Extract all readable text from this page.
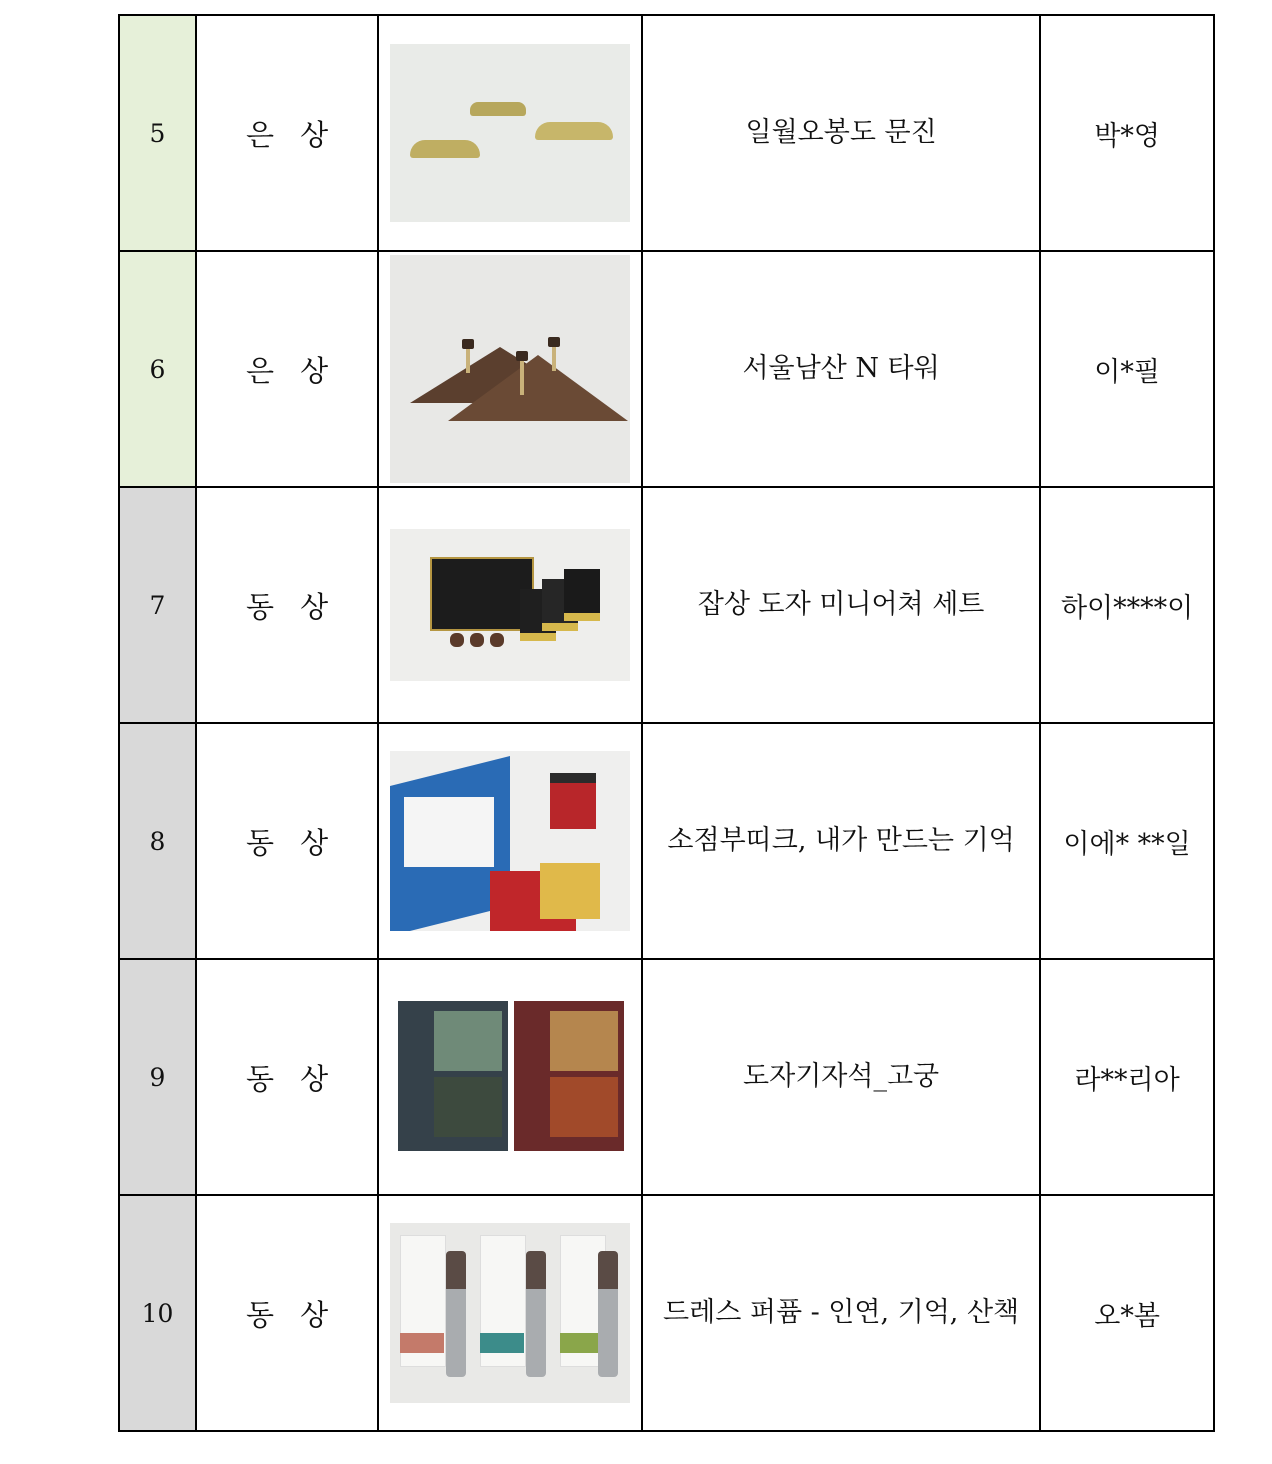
5	은상		일월오봉도 문진	박*영
6	은상		서울남산 N 타워	이*필
7	동상		잡상 도자 미니어쳐 세트	하이****이
8	동상		소점부띠크, 내가 만드는 기억	이에* **일
9	동상		도자기자석_고궁	라**리아
10	동상		드레스 퍼퓸 - 인연, 기억, 산책	오*봄
